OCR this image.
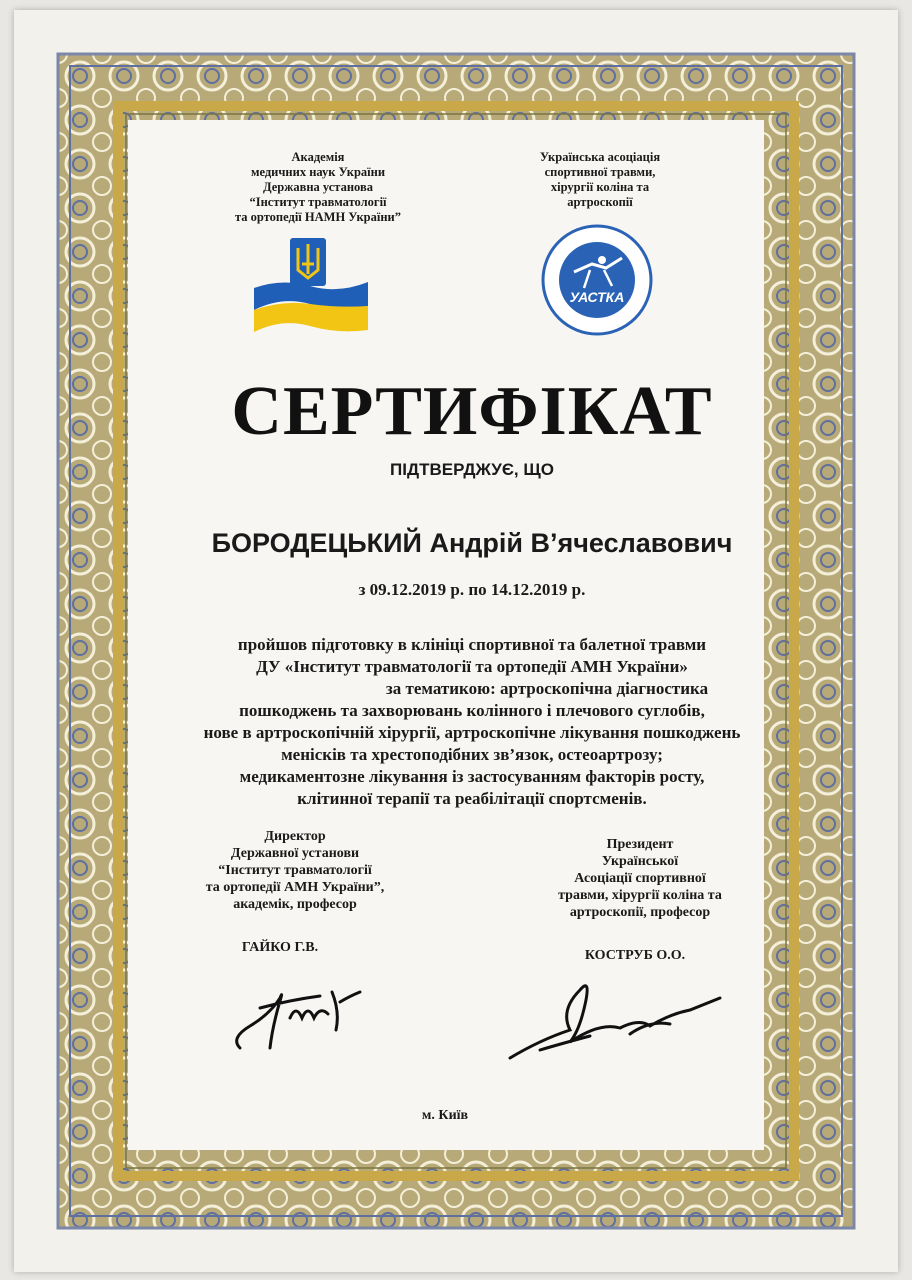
Академія
медичних наук України
Державна установа
“Інститут травматології
та ортопедії НАМН України”
Українська асоціація
спортивної травми,
хірургії коліна та
артроскопії
УАСТКА
СЕРТИФІКАТ
ПІДТВЕРДЖУЄ, ЩО
БОРОДЕЦЬКИЙ Андрій В’ячеславович
з 09.12.2019 р. по 14.12.2019 р.
пройшов підготовку в клініці спортивної та балетної травми
ДУ «Інститут травматології та ортопедії АМН України»
за тематикою: артроскопічна діагностика
пошкоджень та захворювань колінного і плечового суглобів,
нове в артроскопічній хірургії, артроскопічне лікування пошкоджень
менісків та хрестоподібних зв’язок, остеоартрозу;
медикаментозне лікування із застосуванням факторів росту,
клітинної терапії та реабілітації спортсменів.
Директор
Державної установи
“Інститут травматології
та ортопедії АМН України”,
академік, професор
ГАЙКО Г.В.
Президент
Української
Асоціації спортивної
травми, хірургії коліна та
артроскопії, професор
КОСТРУБ О.О.
м. Київ
